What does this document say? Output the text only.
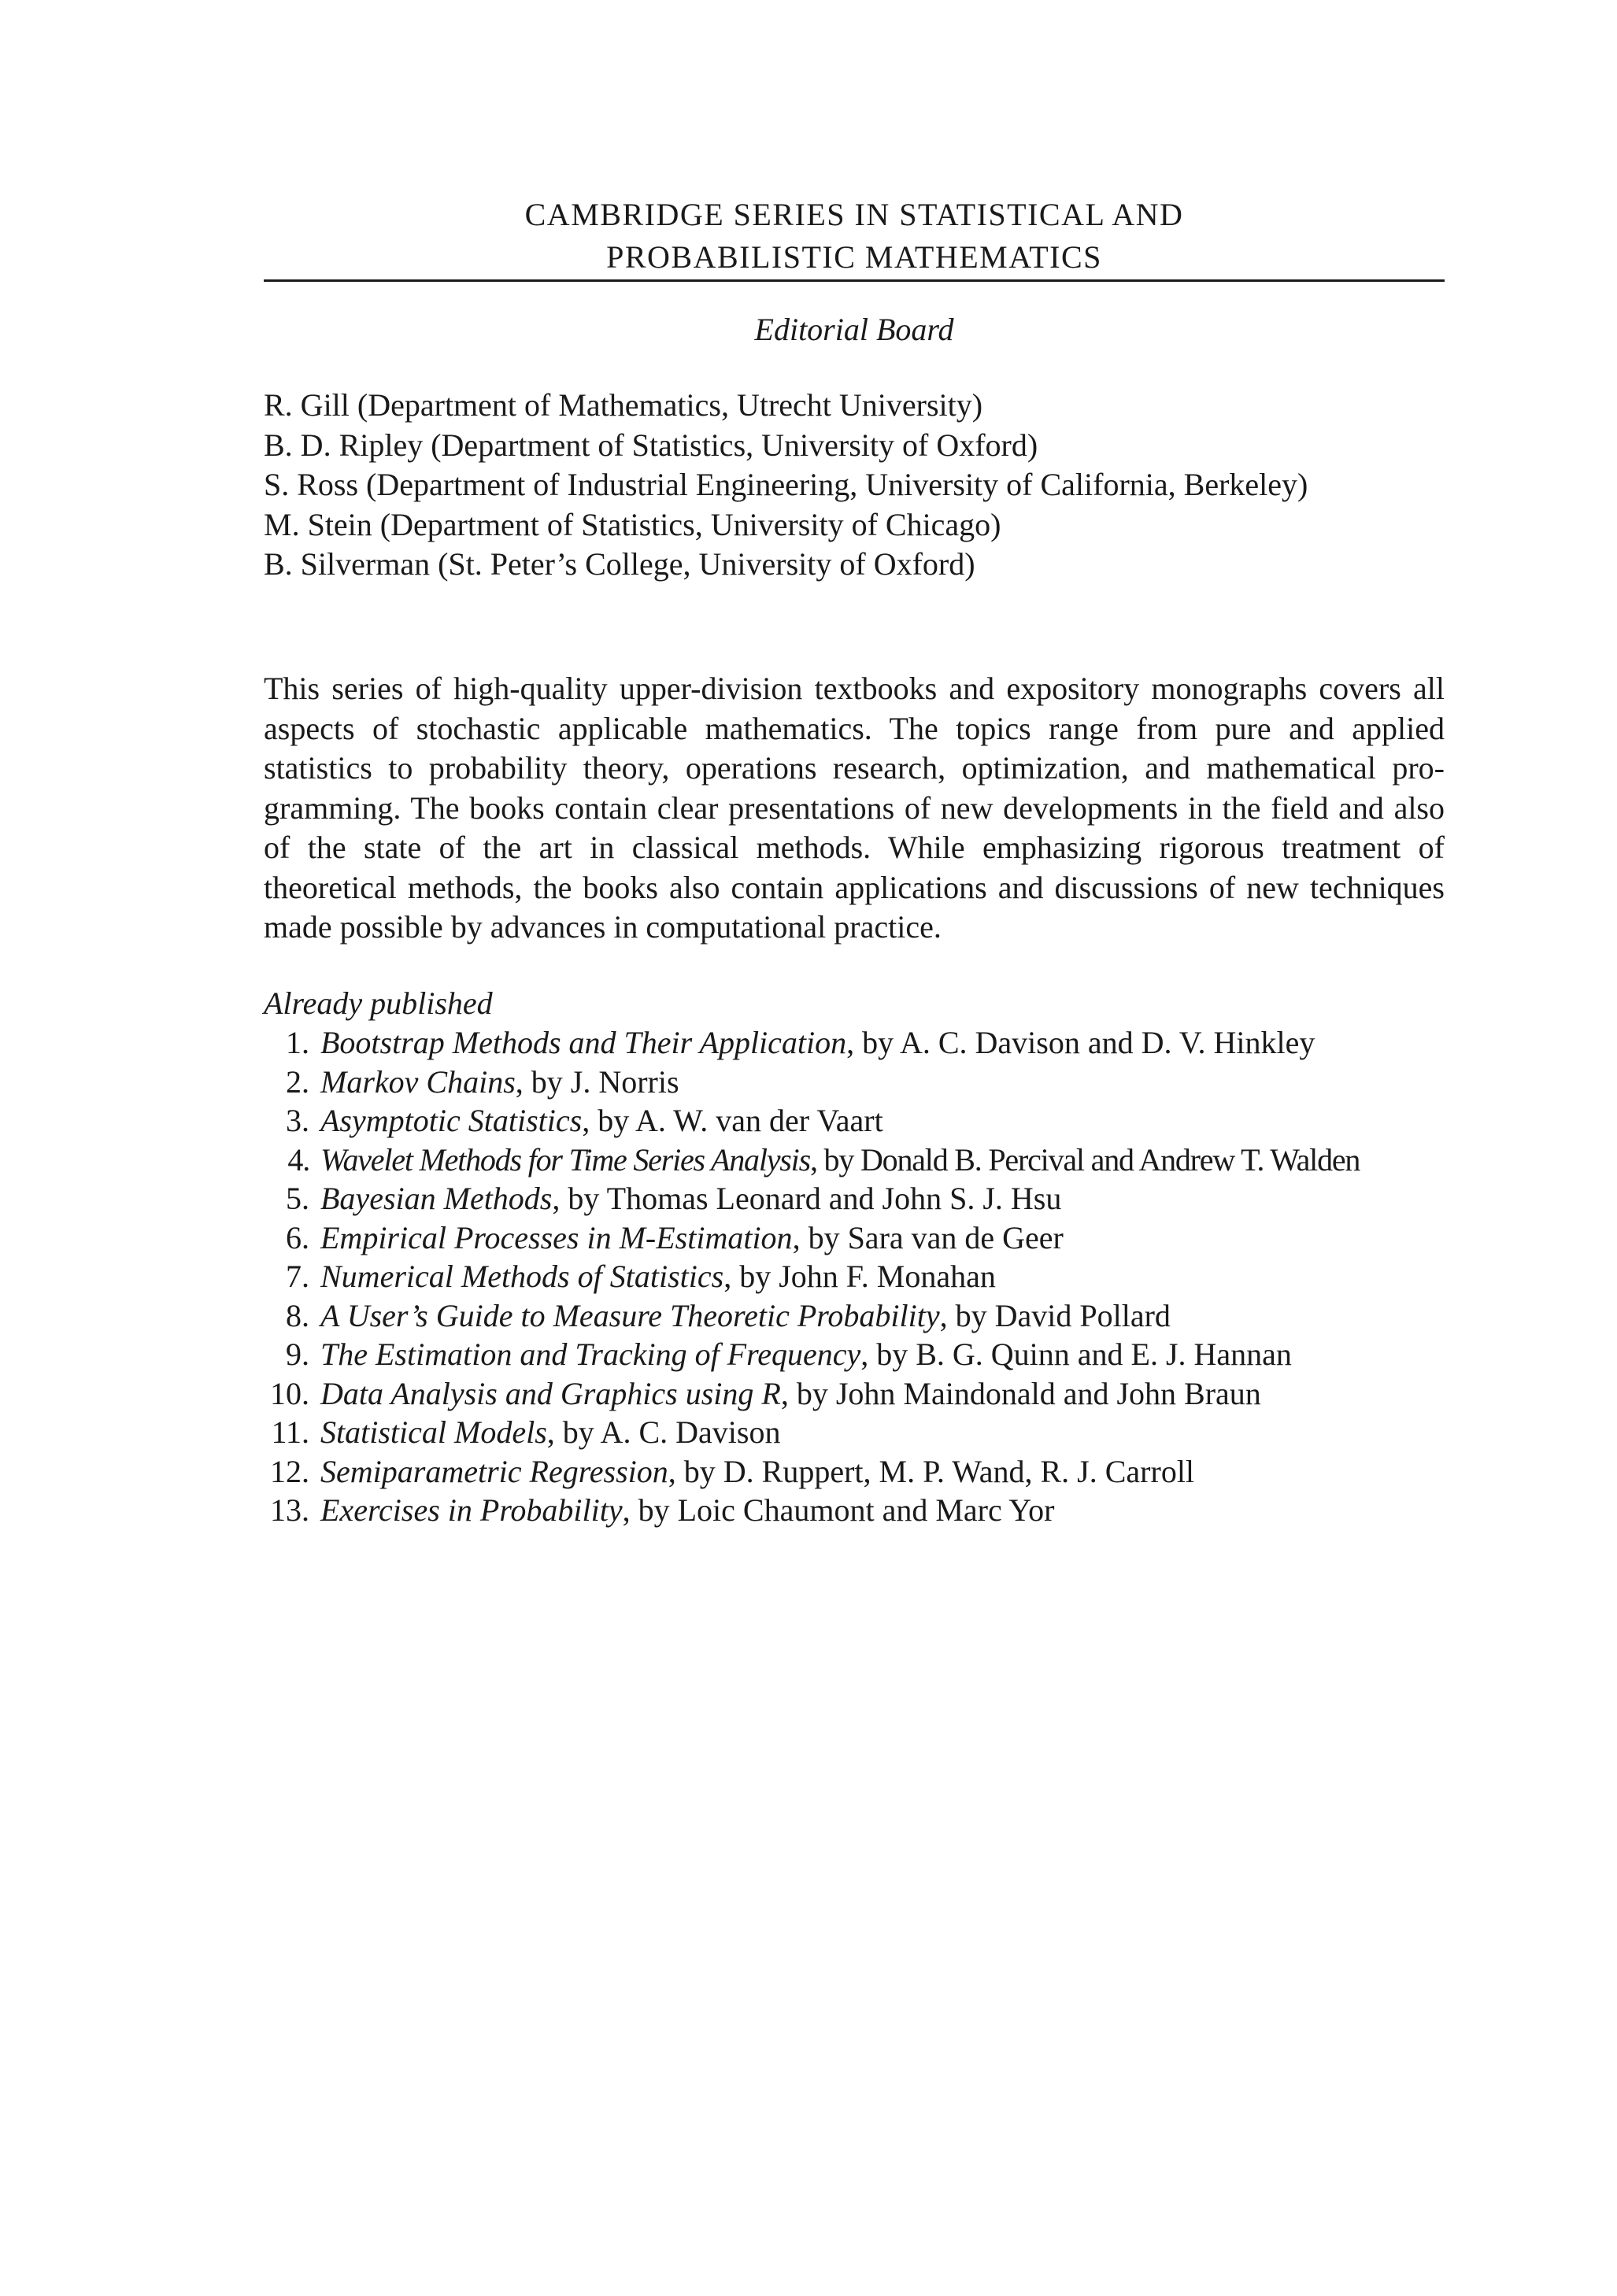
CAMBRIDGE SERIES IN STATISTICAL AND
PROBABILISTIC MATHEMATICS
Editorial Board
R. Gill (Department of Mathematics, Utrecht University)
B. D. Ripley (Department of Statistics, University of Oxford)
S. Ross (Department of Industrial Engineering, University of California, Berkeley)
M. Stein (Department of Statistics, University of Chicago)
B. Silverman (St. Peter’s College, University of Oxford)

This series of high-quality upper-division textbooks and expository monographs covers all aspects of stochastic applicable mathematics. The topics range from pure and applied statistics to probability theory, operations research, optimization, and mathematical programming. The books contain clear presentations of new developments in the field and also of the state of the art in classical methods. While emphasizing rigorous treatment of theoretical methods, the books also contain applications and discussions of new techniques made possible by advances in computational practice.

Already published
1. Bootstrap Methods and Their Application, by A. C. Davison and D. V. Hinkley
2. Markov Chains, by J. Norris
3. Asymptotic Statistics, by A. W. van der Vaart
4. Wavelet Methods for Time Series Analysis, by Donald B. Percival and Andrew T. Walden
5. Bayesian Methods, by Thomas Leonard and John S. J. Hsu
6. Empirical Processes in M-Estimation, by Sara van de Geer
7. Numerical Methods of Statistics, by John F. Monahan
8. A User’s Guide to Measure Theoretic Probability, by David Pollard
9. The Estimation and Tracking of Frequency, by B. G. Quinn and E. J. Hannan
10. Data Analysis and Graphics using R, by John Maindonald and John Braun
11. Statistical Models, by A. C. Davison
12. Semiparametric Regression, by D. Ruppert, M. P. Wand, R. J. Carroll
13. Exercises in Probability, by Loic Chaumont and Marc Yor
